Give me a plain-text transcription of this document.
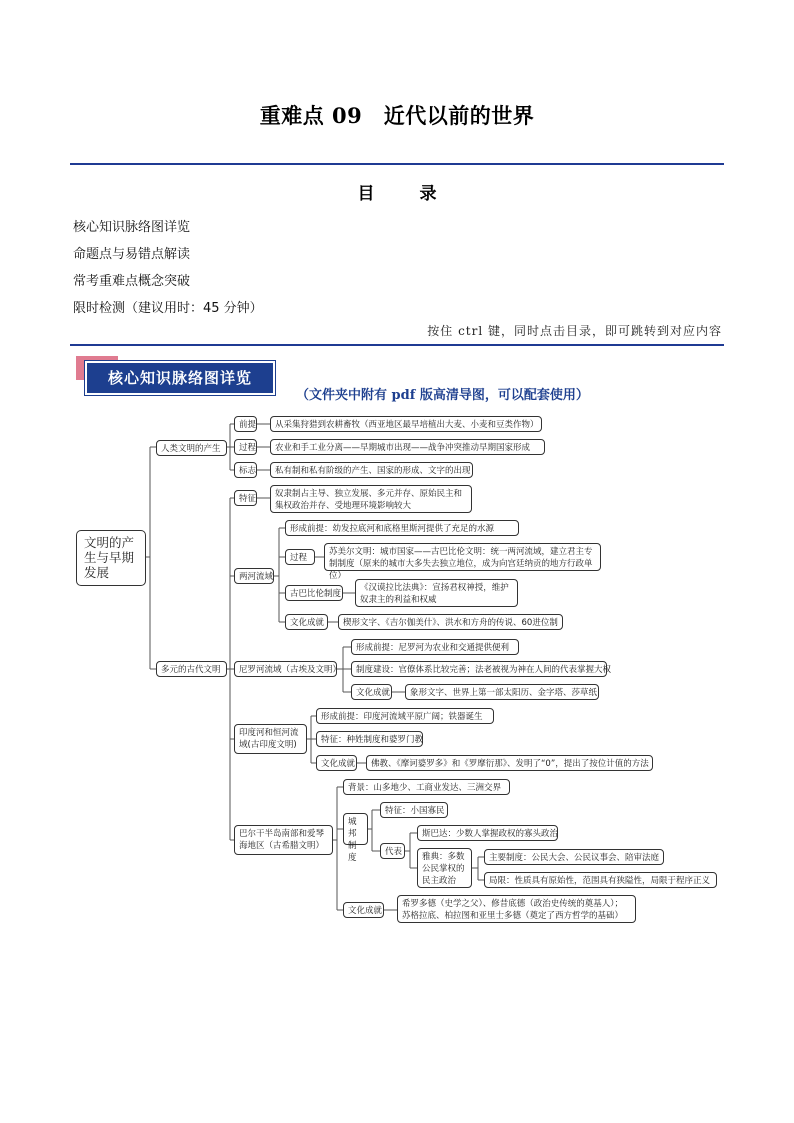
重难点 09　近代以前的世界
目　录
核心知识脉络图详览
命题点与易错点解读
常考重难点概念突破
限时检测（建议用时：45 分钟）
按住 ctrl 键，同时点击目录，即可跳转到对应内容
核心知识脉络图详览
（文件夹中附有 pdf 版高清导图，可以配套使用）
文明的产生与早期发展
人类文明的产生
前提	从采集狩猎到农耕畜牧（西亚地区最早培植出大麦、小麦和豆类作物）
过程	农业和手工业分离——早期城市出现——战争冲突推动早期国家形成
标志	私有制和私有阶级的产生、国家的形成、文字的出现
多元的古代文明
特征	奴隶制占主导、独立发展、多元并存、原始民主和集权政治并存、受地理环境影响较大
两河流域
形成前提：幼发拉底河和底格里斯河提供了充足的水源
过程
苏美尔文明：城市国家——古巴比伦文明：统一两河流域，建立君主专制制度（原来的城市大多失去独立地位，成为向宫廷纳贡的地方行政单位）
古巴比伦制度
《汉谟拉比法典》：宣扬君权神授，维护奴隶主的利益和权威
文化成就	楔形文字、《吉尔伽美什》、洪水和方舟的传说、60进位制
尼罗河流域（古埃及文明）
形成前提：尼罗河为农业和交通提供便利
制度建设：官僚体系比较完善；法老被视为神在人间的代表掌握大权
文化成就	象形文字、世界上第一部太阳历、金字塔、莎草纸
印度河和恒河流域(古印度文明)
形成前提：印度河流域平原广阔；铁器诞生
特征：种姓制度和婆罗门教
文化成就	佛教、《摩诃婆罗多》和《罗摩衍那》、发明了“0”，提出了按位计值的方法
巴尔干半岛南部和爱琴海地区（古希腊文明）
背景：山多地少、工商业发达、三洲交界
城邦制度
特征：小国寡民
代表
斯巴达：少数人掌握政权的寡头政治
雅典：多数公民掌权的民主政治
主要制度：公民大会、公民议事会、陪审法庭
局限：性质具有原始性，范围具有狭隘性，局限于程序正义
文化成就
希罗多德（史学之父）、修昔底德（政治史传统的奠基人）；苏格拉底、柏拉图和亚里士多德（奠定了西方哲学的基础）
